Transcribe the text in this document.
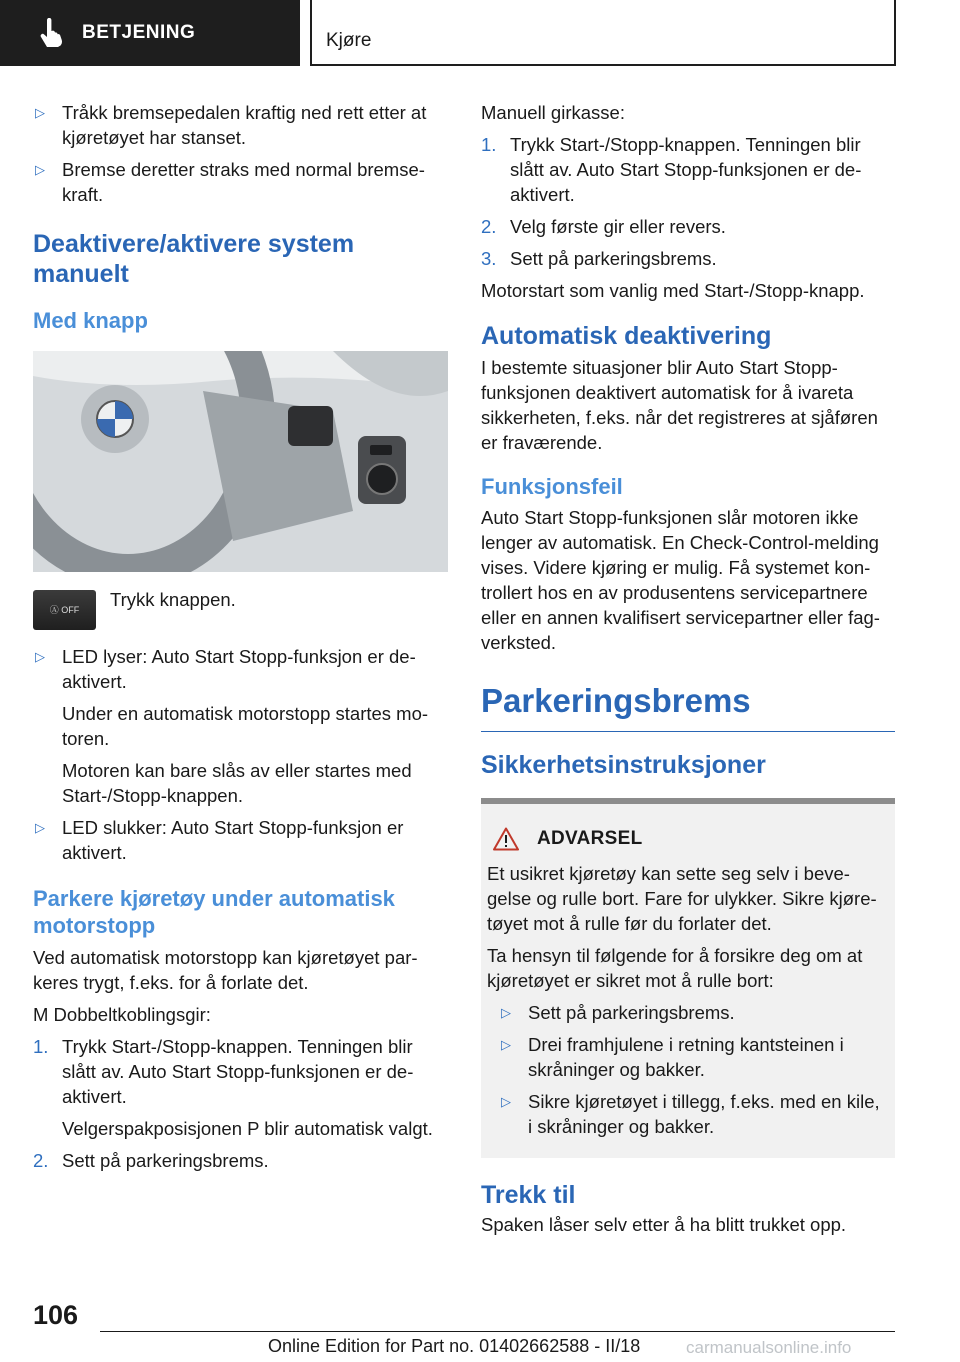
BETJENING	Kjøre
▷ Tråkk bremsepedalen kraftig ned rett etter at kjøretøyet har stanset.
▷ Bremse deretter straks med normal bremse-kraft.
Deaktivere/aktivere system manuelt
Med knapp
Ⓐ OFF Trykk knappen.
▷ LED lyser: Auto Start Stopp-funksjon er de-aktivert.
Under en automatisk motorstopp startes mo-toren.
Motoren kan bare slås av eller startes med Start-/Stopp-knappen.
▷ LED slukker: Auto Start Stopp-funksjon er aktivert.
Parkere kjøretøy under automatisk motorstopp

Ved automatisk motorstopp kan kjøretøyet par-keres trygt, f.eks. for å forlate det.

M Dobbeltkoblingsgir:

1. Trykk Start-/Stopp-knappen. Tenningen blir slått av. Auto Start Stopp-funksjonen er de-aktivert.
Velgerspakposisjonen P blir automatisk valgt.
2. Sett på parkeringsbrems.

Manuell girkasse:

1. Trykk Start-/Stopp-knappen. Tenningen blir slått av. Auto Start Stopp-funksjonen er de-aktivert.
2. Velg første gir eller revers.
3. Sett på parkeringsbrems.

Motorstart som vanlig med Start-/Stopp-knapp.

Automatisk deaktivering

I bestemte situasjoner blir Auto Start Stopp-funksjonen deaktivert automatisk for å ivareta sikkerheten, f.eks. når det registreres at sjåføren er fraværende.

Funksjonsfeil

Auto Start Stopp-funksjonen slår motoren ikke lenger av automatisk. En Check-Control-melding vises. Videre kjøring er mulig. Få systemet kon-trollert hos en av produsentens servicepartnere eller en annen kvalifisert servicepartner eller fag-verksted.

Parkeringsbrems
Sikkerhetsinstruksjoner
ADVARSEL

Et usikret kjøretøy kan sette seg selv i beve-gelse og rulle bort. Fare for ulykker. Sikre kjøre-tøyet mot å rulle før du forlater det.

Ta hensyn til følgende for å forsikre deg om at kjøretøyet er sikret mot å rulle bort:

▷ Sett på parkeringsbrems.
▷ Drei framhjulene i retning kantsteinen i skråninger og bakker.
▷ Sikre kjøretøyet i tillegg, f.eks. med en kile, i skråninger og bakker.
Trekk til

Spaken låser selv etter å ha blitt trukket opp.

106
Online Edition for Part no. 01402662588 - II/18	carmanualsonline.info
